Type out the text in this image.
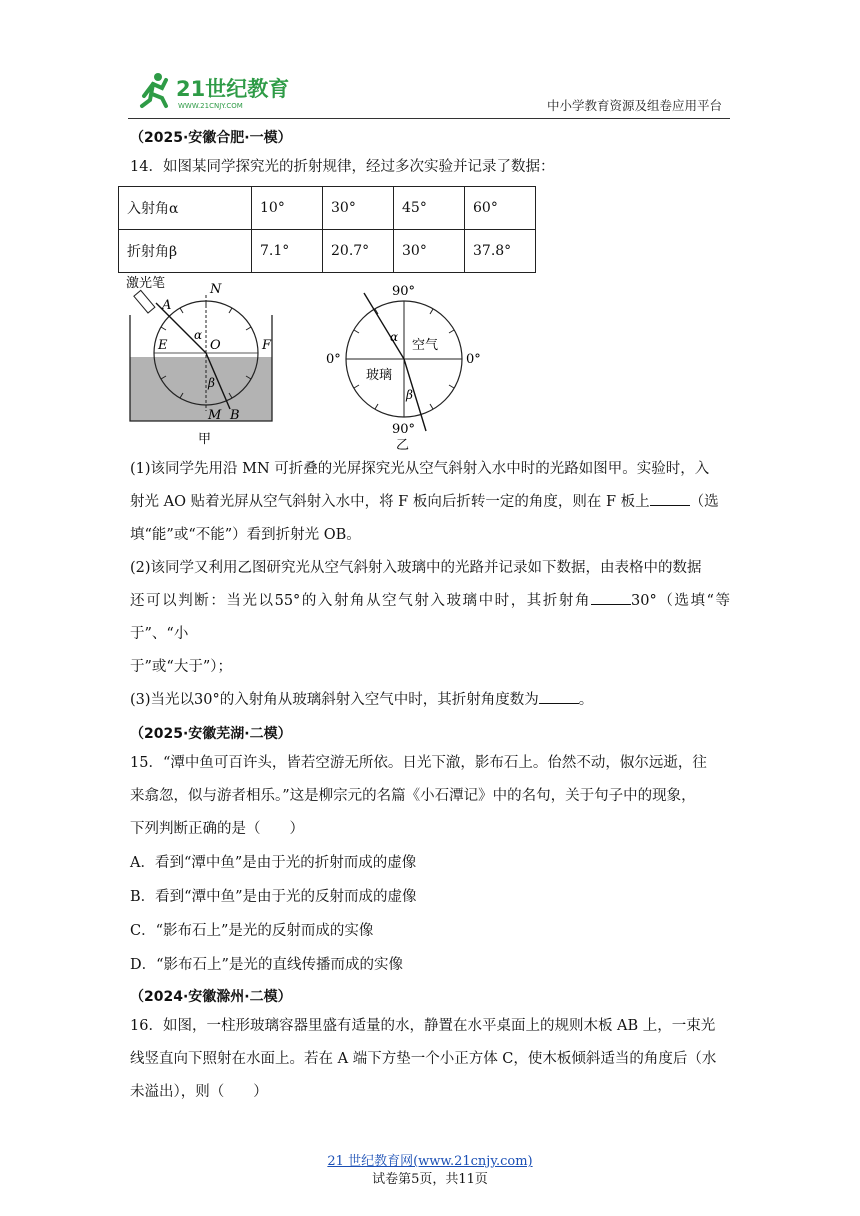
21世纪教育
WWW.21CNJY.COM	中小学教育资源及组卷应用平台

（2025·安徽合肥·一模）

14．如图某同学探究光的折射规律，经过多次实验并记录了数据：

入射角α	10°	30°	45°	60°
折射角β	7.1°	20.7°	30°	37.8°
激光笔	N
A
E	O	F
α
β
M B
甲
90°
90°
0°	0°
空气
玻璃
α
β
乙

(1)该同学先用沿 MN 可折叠的光屏探究光从空气斜射入水中时的光路如图甲。实验时，入

射光 AO 贴着光屏从空气斜射入水中，将 F 板向后折转一定的角度，则在 F 板上	（选

填“能”或“不能”）看到折射光 OB。

(2)该同学又利用乙图研究光从空气斜射入玻璃中的光路并记录如下数据，由表格中的数据

还可以判断：当光以55°的入射角从空气射入玻璃中时，其折射角	30°（选填“等于”、“小

于”或“大于”）；

(3)当光以30°的入射角从玻璃斜射入空气中时，其折射角度数为	。

（2025·安徽芜湖·二模）

15．“潭中鱼可百许头，皆若空游无所依。日光下澈，影布石上。佁然不动，俶尔远逝，往

来翕忽，似与游者相乐。”这是柳宗元的名篇《小石潭记》中的名句，关于句子中的现象，

下列判断正确的是（　　）

A．看到“潭中鱼”是由于光的折射而成的虚像

B．看到“潭中鱼”是由于光的反射而成的虚像

C．“影布石上”是光的反射而成的实像

D．“影布石上”是光的直线传播而成的实像

（2024·安徽滁州·二模）

16．如图，一柱形玻璃容器里盛有适量的水，静置在水平桌面上的规则木板 AB 上，一束光

线竖直向下照射在水面上。若在 A 端下方垫一个小正方体 C，使木板倾斜适当的角度后（水

未溢出），则（　　）

21 世纪教育网(www.21cnjy.com)
试卷第5页，共11页
